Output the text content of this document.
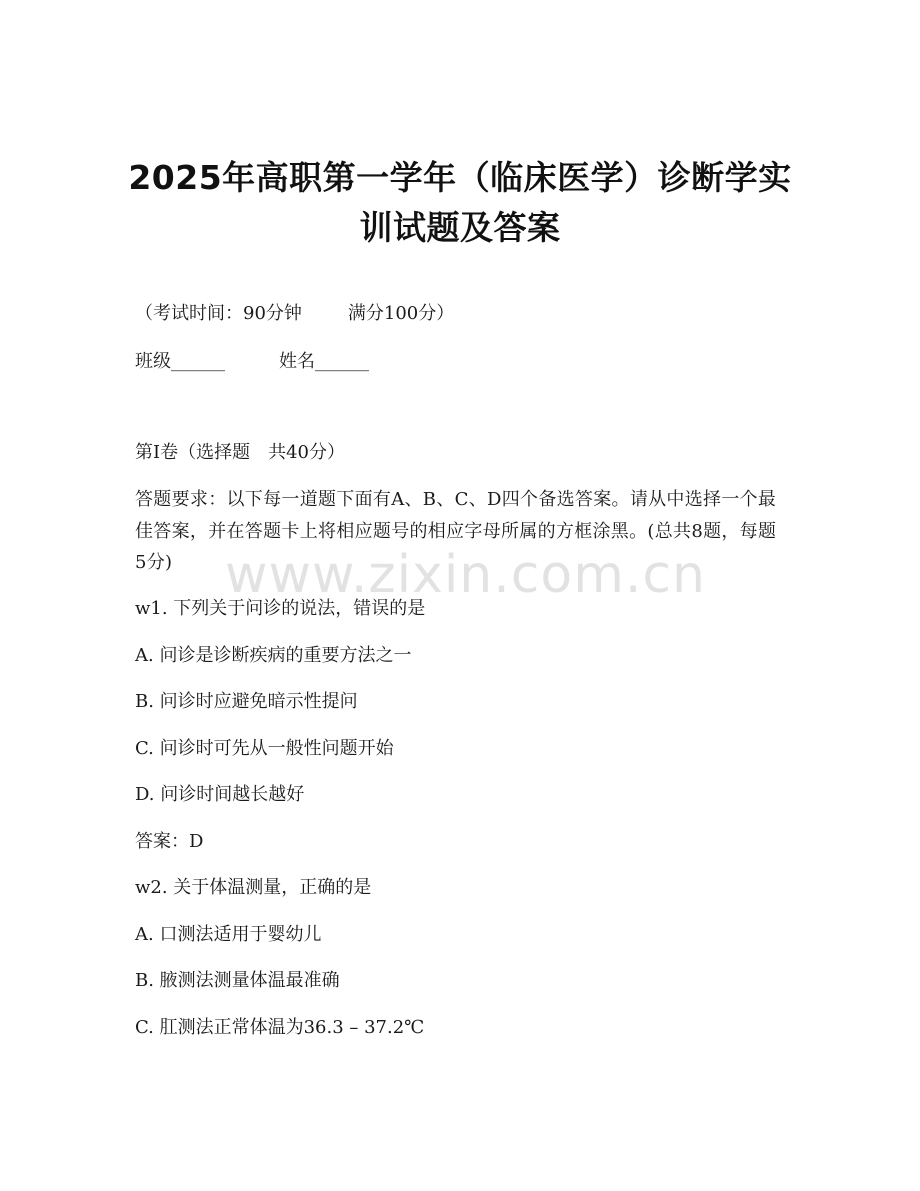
2025年高职第一学年（临床医学）诊断学实
训试题及答案
（考试时间：90分钟	满分100分）
班级______	姓名______
第I卷（选择题　共40分）
答题要求：以下每一道题下面有A、B、C、D四个备选答案。请从中选择一个最佳答案，并在答题卡上将相应题号的相应字母所属的方框涂黑。(总共8题，每题5分)
w1. 下列关于问诊的说法，错误的是
A. 问诊是诊断疾病的重要方法之一
B. 问诊时应避免暗示性提问
C. 问诊时可先从一般性问题开始
D. 问诊时间越长越好
答案：D
w2. 关于体温测量，正确的是
A. 口测法适用于婴幼儿
B. 腋测法测量体温最准确
C. 肛测法正常体温为36.3 – 37.2℃
www.zixin.com.cn
